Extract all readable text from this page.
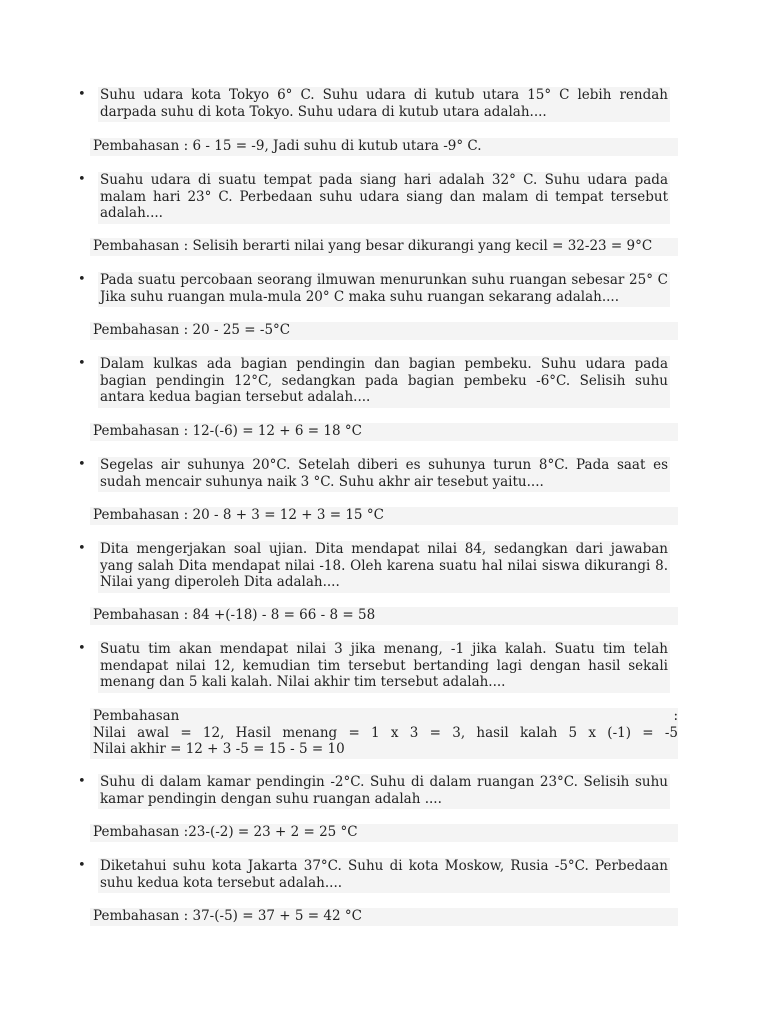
•	Suhu udara kota Tokyo 6° C. Suhu udara di kutub utara 15° C lebih rendah darpada suhu di kota Tokyo. Suhu udara di kutub utara adalah....
Pembahasan : 6 - 15 = -9, Jadi suhu di kutub utara -9° C.
•	Suahu udara di suatu tempat pada siang hari adalah 32° C. Suhu udara pada malam hari 23° C. Perbedaan suhu udara siang dan malam di tempat tersebut adalah....
Pembahasan : Selisih berarti nilai yang besar dikurangi yang kecil = 32-23 = 9°C
•	Pada suatu percobaan seorang ilmuwan menurunkan suhu ruangan sebesar 25° C Jika suhu ruangan mula-mula 20° C maka suhu ruangan sekarang adalah....
Pembahasan : 20 - 25 = -5°C
•	Dalam kulkas ada bagian pendingin dan bagian pembeku. Suhu udara pada bagian pendingin 12°C, sedangkan pada bagian pembeku -6°C. Selisih suhu antara kedua bagian tersebut adalah....
Pembahasan : 12-(-6) = 12 + 6 = 18 °C
•	Segelas air suhunya 20°C. Setelah diberi es suhunya turun 8°C. Pada saat es sudah mencair suhunya naik 3 °C. Suhu akhr air tesebut yaitu....
Pembahasan : 20 - 8 + 3 = 12 + 3 = 15 °C
•	Dita mengerjakan soal ujian. Dita mendapat nilai 84, sedangkan dari jawaban yang salah Dita mendapat nilai -18. Oleh karena suatu hal nilai siswa dikurangi 8. Nilai yang diperoleh Dita adalah....
Pembahasan : 84 +(-18) - 8 = 66 - 8 = 58
•	Suatu tim akan mendapat nilai 3 jika menang, -1 jika kalah. Suatu tim telah mendapat nilai 12, kemudian tim tersebut bertanding lagi dengan hasil sekali menang dan 5 kali kalah. Nilai akhir tim tersebut adalah....
Pembahasan :
Nilai awal = 12, Hasil menang = 1 x 3 = 3, hasil kalah 5 x (-1) = -5
Nilai akhir = 12 + 3 -5 = 15 - 5 = 10
•	Suhu di dalam kamar pendingin -2°C. Suhu di dalam ruangan 23°C. Selisih suhu kamar pendingin dengan suhu ruangan adalah ....
Pembahasan :23-(-2) = 23 + 2 = 25 °C
•	Diketahui suhu kota Jakarta 37°C. Suhu di kota Moskow, Rusia -5°C. Perbedaan suhu kedua kota tersebut adalah....
Pembahasan : 37-(-5) = 37 + 5 = 42 °C
